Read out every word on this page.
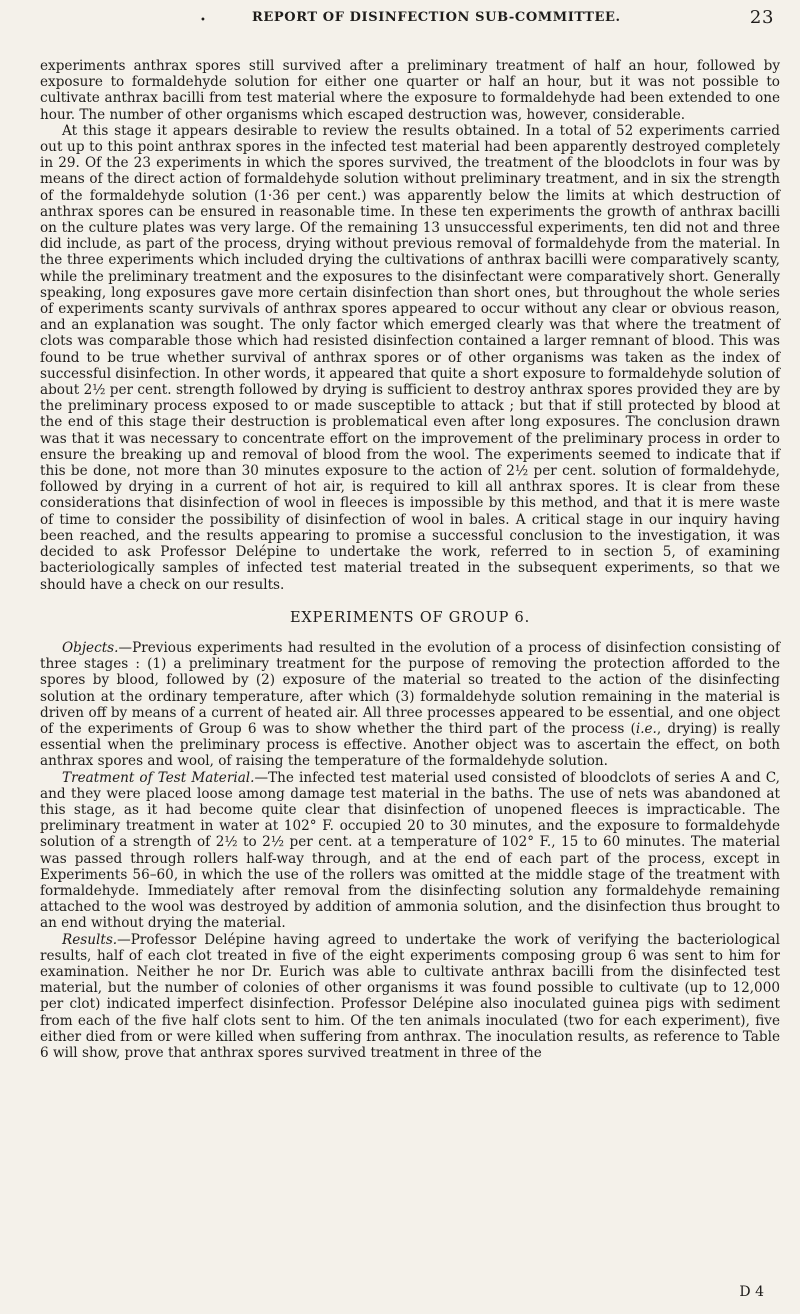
•	REPORT OF DISINFECTION SUB-COMMITTEE.	23

experiments anthrax spores still survived after a preliminary treatment of half an hour, followed by exposure to formaldehyde solution for either one quarter or half an hour, but it was not possible to cultivate anthrax bacilli from test material where the exposure to formaldehyde had been extended to one hour. The number of other organisms which escaped destruction was, however, considerable.

At this stage it appears desirable to review the results obtained. In a total of 52 experiments carried out up to this point anthrax spores in the infected test material had been apparently destroyed completely in 29. Of the 23 experiments in which the spores survived, the treatment of the bloodclots in four was by means of the direct action of formaldehyde solution without preliminary treatment, and in six the strength of the formaldehyde solution (1·36 per cent.) was apparently below the limits at which destruction of anthrax spores can be ensured in reasonable time. In these ten experiments the growth of anthrax bacilli on the culture plates was very large. Of the remaining 13 unsuccessful experiments, ten did not and three did include, as part of the process, drying without previous removal of formaldehyde from the material. In the three experiments which included drying the cultivations of anthrax bacilli were comparatively scanty, while the preliminary treatment and the exposures to the disinfectant were comparatively short. Generally speaking, long exposures gave more certain disinfection than short ones, but throughout the whole series of experiments scanty survivals of anthrax spores appeared to occur without any clear or obvious reason, and an explanation was sought. The only factor which emerged clearly was that where the treatment of clots was comparable those which had resisted disinfection contained a larger remnant of blood. This was found to be true whether survival of anthrax spores or of other organisms was taken as the index of successful disinfection. In other words, it appeared that quite a short exposure to formaldehyde solution of about 2½ per cent. strength followed by drying is sufficient to destroy anthrax spores provided they are by the preliminary process exposed to or made susceptible to attack ; but that if still protected by blood at the end of this stage their destruction is problematical even after long exposures. The conclusion drawn was that it was necessary to concentrate effort on the improvement of the preliminary process in order to ensure the breaking up and removal of blood from the wool. The experiments seemed to indicate that if this be done, not more than 30 minutes exposure to the action of 2½ per cent. solution of formaldehyde, followed by drying in a current of hot air, is required to kill all anthrax spores. It is clear from these considerations that disinfection of wool in fleeces is impossible by this method, and that it is mere waste of time to consider the possibility of disinfection of wool in bales. A critical stage in our inquiry having been reached, and the results appearing to promise a successful conclusion to the investigation, it was decided to ask Professor Delépine to undertake the work, referred to in section 5, of examining bacteriologically samples of infected test material treated in the subsequent experiments, so that we should have a check on our results.

EXPERIMENTS OF GROUP 6.

Objects.—Previous experiments had resulted in the evolution of a process of disinfection consisting of three stages : (1) a preliminary treatment for the purpose of removing the protection afforded to the spores by blood, followed by (2) exposure of the material so treated to the action of the disinfecting solution at the ordinary temperature, after which (3) formaldehyde solution remaining in the material is driven off by means of a current of heated air. All three processes appeared to be essential, and one object of the experiments of Group 6 was to show whether the third part of the process (i.e., drying) is really essential when the preliminary process is effective. Another object was to ascertain the effect, on both anthrax spores and wool, of raising the temperature of the formaldehyde solution.

Treatment of Test Material.—The infected test material used consisted of bloodclots of series A and C, and they were placed loose among damage test material in the baths. The use of nets was abandoned at this stage, as it had become quite clear that disinfection of unopened fleeces is impracticable. The preliminary treatment in water at 102° F. occupied 20 to 30 minutes, and the exposure to formaldehyde solution of a strength of 2½ to 2½ per cent. at a temperature of 102° F., 15 to 60 minutes. The material was passed through rollers half-way through, and at the end of each part of the process, except in Experiments 56–60, in which the use of the rollers was omitted at the middle stage of the treatment with formaldehyde. Immediately after removal from the disinfecting solution any formaldehyde remaining attached to the wool was destroyed by addition of ammonia solution, and the disinfection thus brought to an end without drying the material.

Results.—Professor Delépine having agreed to undertake the work of verifying the bacteriological results, half of each clot treated in five of the eight experiments composing group 6 was sent to him for examination. Neither he nor Dr. Eurich was able to cultivate anthrax bacilli from the disinfected test material, but the number of colonies of other organisms it was found possible to cultivate (up to 12,000 per clot) indicated imperfect disinfection. Professor Delépine also inoculated guinea pigs with sediment from each of the five half clots sent to him. Of the ten animals inoculated (two for each experiment), five either died from or were killed when suffering from anthrax. The inoculation results, as reference to Table 6 will show, prove that anthrax spores survived treatment in three of the

D 4
